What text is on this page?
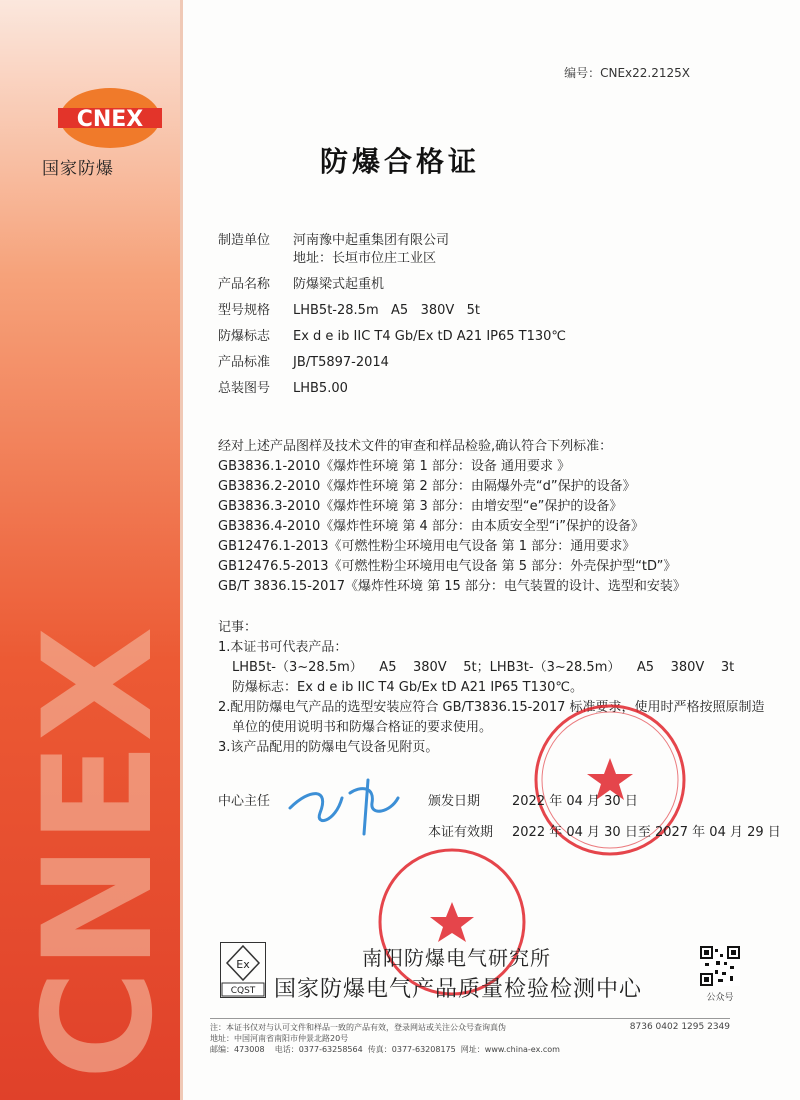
CNEX
CNEX
国家防爆
编号：CNEx22.2125X
防爆合格证
制造单位	河南豫中起重集团有限公司
地址：长垣市位庄工业区
产品名称	防爆梁式起重机
型号规格	LHB5t-28.5m   A5   380V   5t
防爆标志	Ex d e ib IIC T4 Gb/Ex tD A21 IP65 T130℃
产品标准	JB/T5897-2014
总装图号	LHB5.00
经对上述产品图样及技术文件的审查和样品检验,确认符合下列标准：
GB3836.1-2010《爆炸性环境 第 1 部分：设备 通用要求 》
GB3836.2-2010《爆炸性环境 第 2 部分：由隔爆外壳“d”保护的设备》
GB3836.3-2010《爆炸性环境 第 3 部分：由增安型“e”保护的设备》
GB3836.4-2010《爆炸性环境 第 4 部分：由本质安全型“i”保护的设备》
GB12476.1-2013《可燃性粉尘环境用电气设备 第 1 部分：通用要求》
GB12476.5-2013《可燃性粉尘环境用电气设备 第 5 部分：外壳保护型“tD”》
GB/T 3836.15-2017《爆炸性环境 第 15 部分：电气装置的设计、选型和安装》

记事：

1.本证书可代表产品：

LHB5t-（3~28.5m）    A5    380V    5t；LHB3t-（3~28.5m）    A5    380V    3t

防爆标志：Ex d e ib IIC T4 Gb/Ex tD A21 IP65 T130℃。

2.配用防爆电气产品的选型安装应符合 GB/T3836.15-2017 标准要求，使用时严格按照原制造

单位的使用说明书和防爆合格证的要求使用。

3.该产品配用的防爆电气设备见附页。

中心主任	颁发日期	2022 年 04 月 30 日
本证有效期	2022 年 04 月 30 日至 2027 年 04 月 29 日
Ex
CQST
南阳防爆电气研究所
国家防爆电气产品质量检验检测中心	公众号
注：本证书仅对与认可文件和样品一致的产品有效，登录网站或关注公众号查询真伪	8736 0402 1295 2349
地址：中国河南省南阳市仲景北路20号
邮编：473008    电话：0377-63258564  传真：0377-63208175  网址：www.china-ex.com
